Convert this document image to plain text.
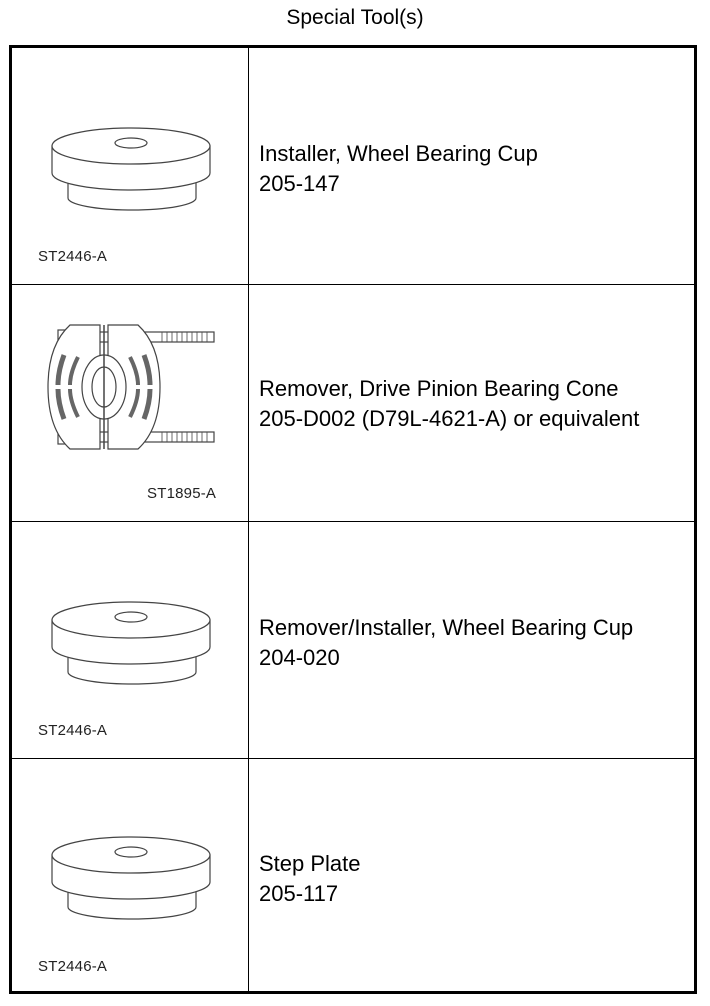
Special Tool(s)
ST2446-A
Installer, Wheel Bearing Cup
205-147
ST1895-A
Remover, Drive Pinion Bearing Cone
205-D002 (D79L-4621-A) or equivalent
ST2446-A
Remover/Installer, Wheel Bearing Cup
204-020
ST2446-A
Step Plate
205-117
